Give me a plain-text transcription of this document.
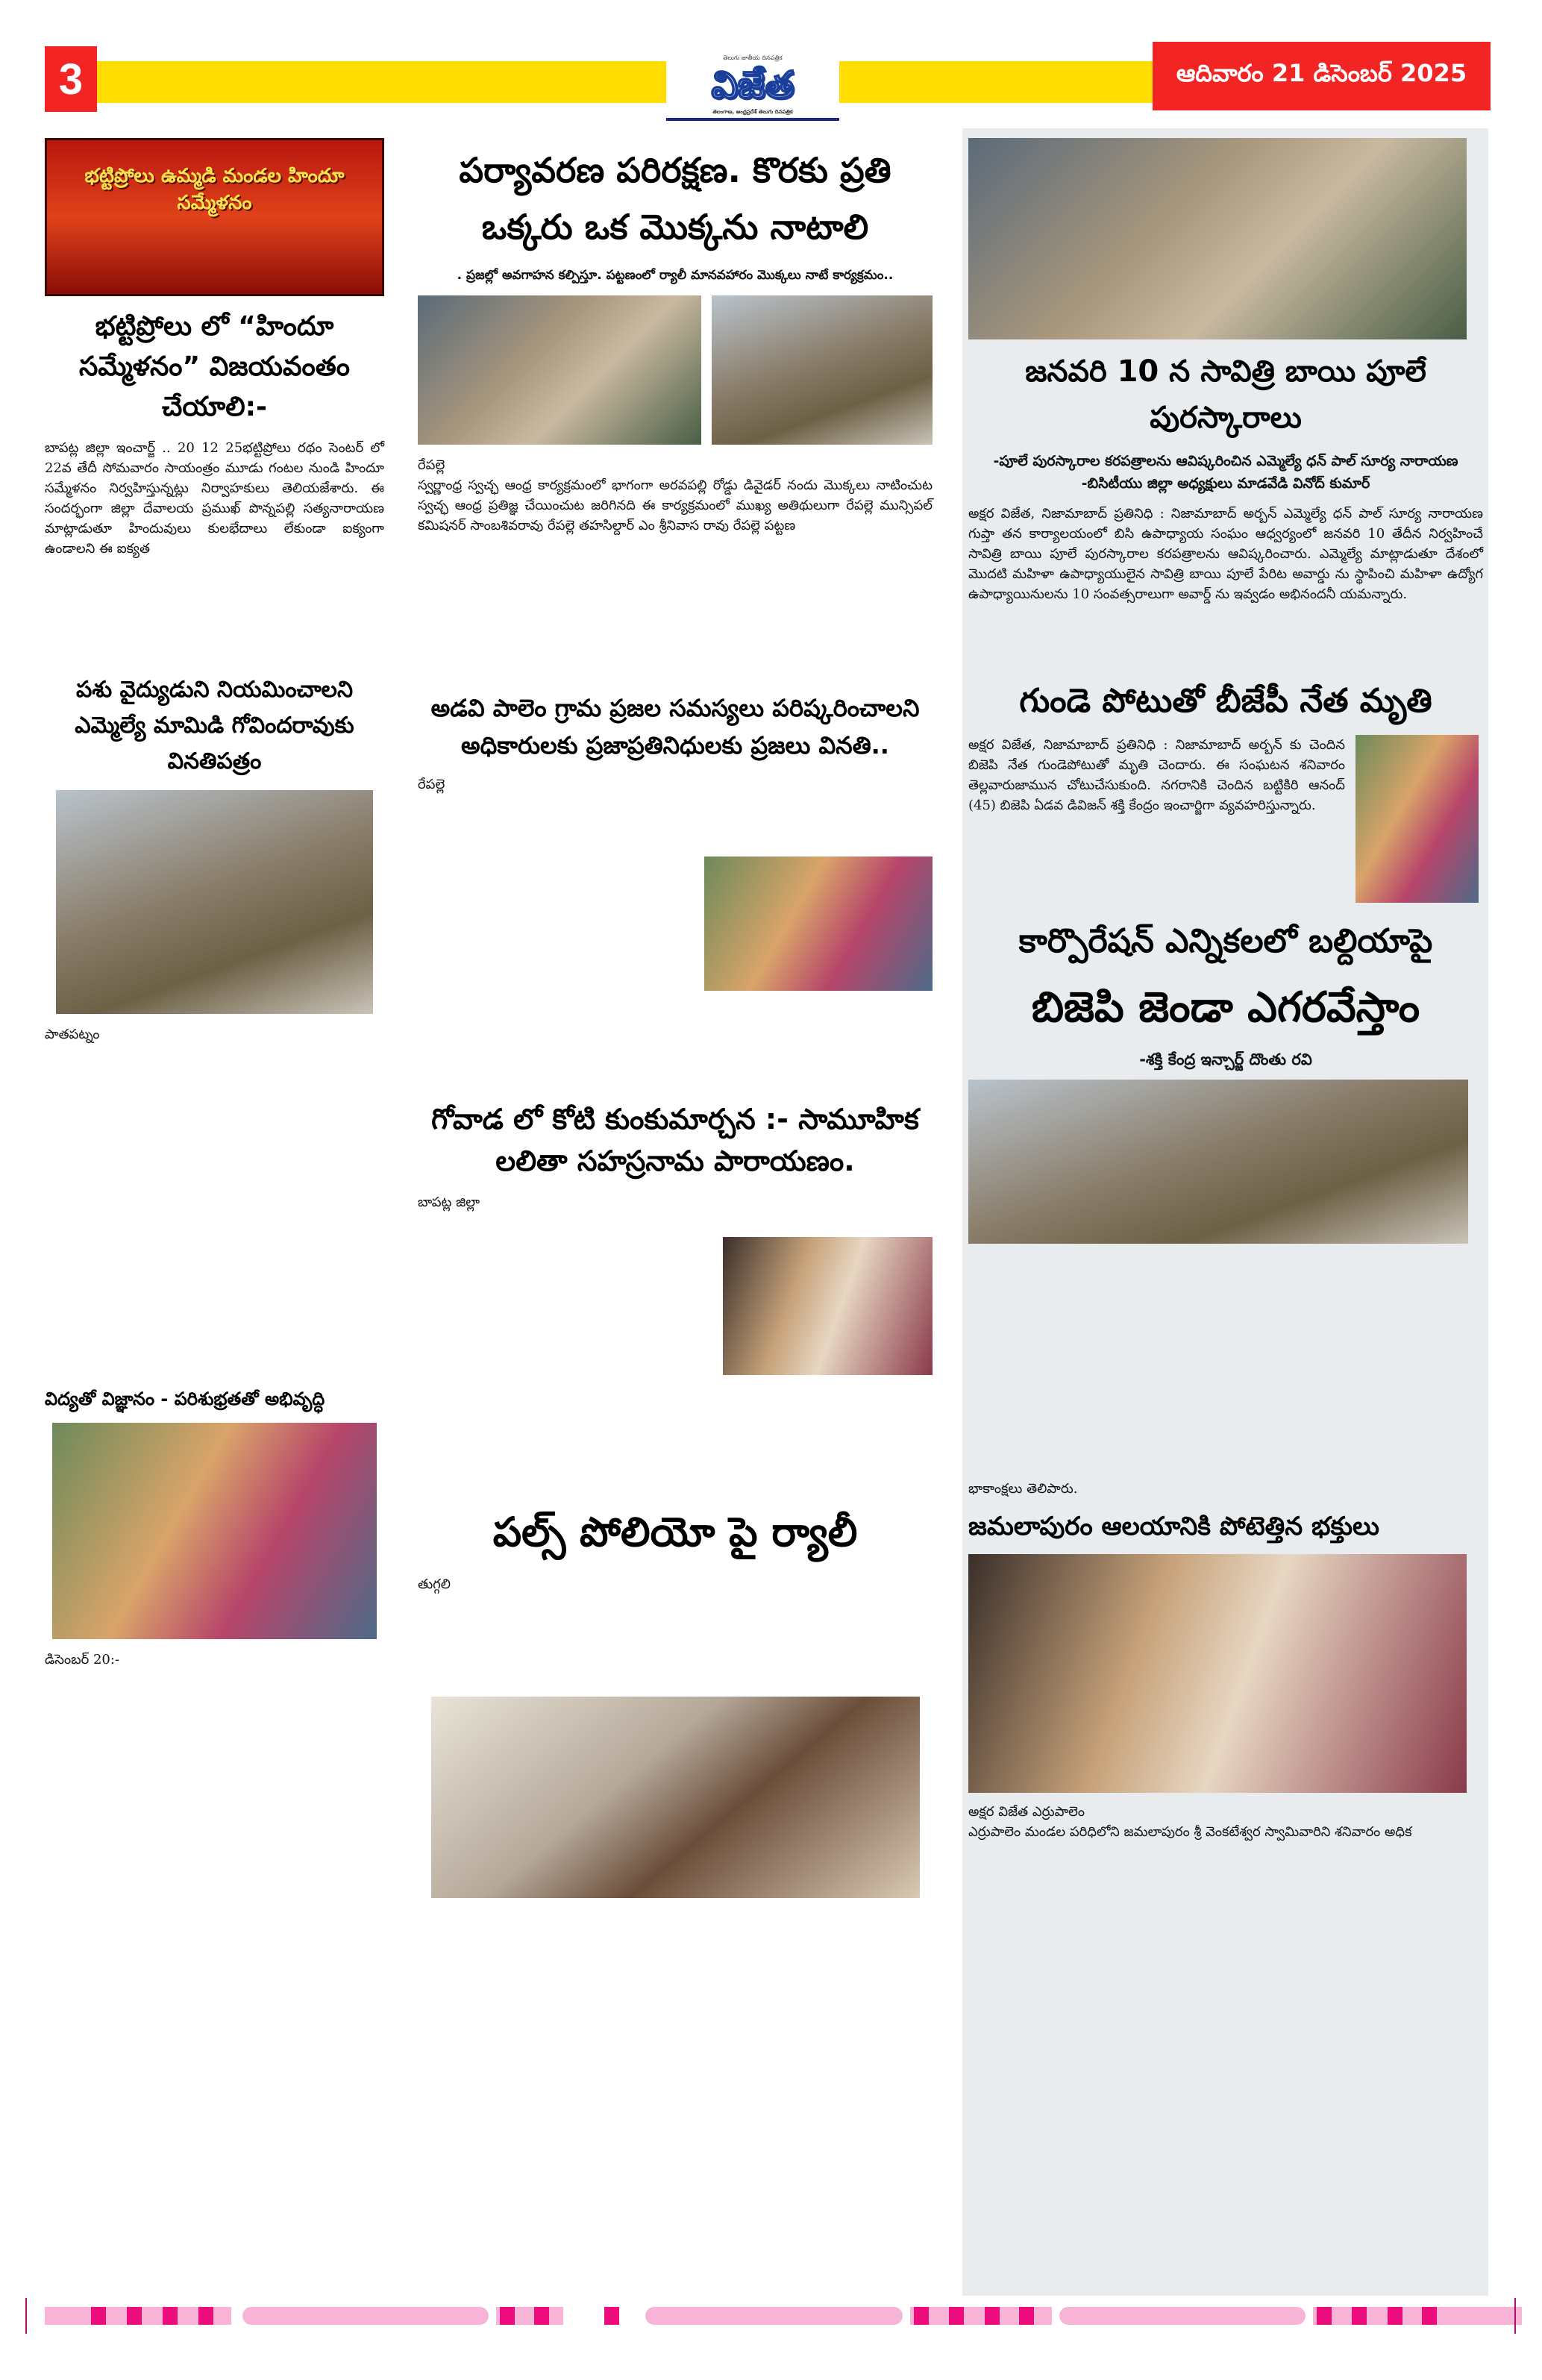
3	తెలుగు జాతీయ దినపత్రిక
విజేత
తెలంగాణ, ఆంధ్రప్రదేశ్ తెలుగు దినపత్రిక
ఆదివారం 21 డిసెంబర్ 2025
భట్టిప్రోలు ఉమ్మడి మండల హిందూ సమ్మేళనం
భట్టిప్రోలు లో “హిందూ సమ్మేళనం” విజయవంతం చేయాలి:-
బాపట్ల జిల్లా ఇంచార్జ్ .. 20 12 25భట్టిప్రోలు రథం సెంటర్ లో 22వ తేదీ సోమవారం సాయంత్రం మూడు గంటల నుండి హిందూ సమ్మేళనం నిర్వహిస్తున్నట్లు నిర్వాహకులు తెలియజేశారు. ఈ సందర్భంగా జిల్లా దేవాలయ ప్రముఖ్ పొన్నపల్లి సత్యనారాయణ మాట్లాడుతూ హిందువులు కులభేదాలు లేకుండా ఐక్యంగా ఉండాలని ఈ ఐక్యత
పశు వైద్యుడుని నియమించాలని ఎమ్మెల్యే మామిడి గోవిందరావుకు వినతిపత్రం
పాతపట్నం
విద్యతో విజ్ఞానం - పరిశుభ్రతతో అభివృద్ధి
డిసెంబర్ 20:-
పర్యావరణ పరిరక్షణ. కొరకు ప్రతి ఒక్కరు ఒక మొక్కను నాటాలి
. ప్రజల్లో అవగాహన కల్పిస్తూ. పట్టణంలో ర్యాలీ మానవహారం మొక్కలు నాటే కార్యక్రమం..
రేపల్లె
స్వర్ణాంధ్ర స్వచ్ఛ ఆంధ్ర కార్యక్రమంలో భాగంగా అరవపల్లి రోడ్డు డివైడర్ నందు మొక్కలు నాటించుట స్వచ్ఛ ఆంధ్ర ప్రతిజ్ఞ చేయించుట జరిగినది ఈ కార్యక్రమంలో ముఖ్య అతిథులుగా రేపల్లె మున్సిపల్ కమిషనర్ సాంబశివరావు రేపల్లె తహసిల్దార్ ఎం శ్రీనివాస రావు రేపల్లె పట్టణ
అడవి పాలెం గ్రామ ప్రజల సమస్యలు పరిష్కరించాలని అధికారులకు ప్రజాప్రతినిధులకు ప్రజలు వినతి..
రేపల్లె
గోవాడ లో కోటి కుంకుమార్చన :- సామూహిక లలితా సహస్రనామ పారాయణం.
బాపట్ల జిల్లా
పల్స్ పోలియో పై ర్యాలీ
తుగ్గలి
జనవరి 10 న సావిత్రి బాయి పూలే పురస్కారాలు
-పూలే పురస్కారాల కరపత్రాలను ఆవిష్కరించిన ఎమ్మెల్యే ధన్ పాల్ సూర్య నారాయణ
-బిసిటీయు జిల్లా అధ్యక్షులు మాడవేడి వినోద్ కుమార్
అక్షర విజేత, నిజామాబాద్ ప్రతినిధి : నిజామాబాద్ అర్బన్ ఎమ్మెల్యే ధన్ పాల్ సూర్య నారాయణ గుప్తా తన కార్యాలయంలో బిసి ఉపాధ్యాయ సంఘం ఆధ్వర్యంలో జనవరి 10 తేదీన నిర్వహించే సావిత్రి బాయి పూలే పురస్కారాల కరపత్రాలను ఆవిష్కరించారు. ఎమ్మెల్యే మాట్లాడుతూ దేశంలో మొదటి మహిళా ఉపాధ్యాయులైన సావిత్రి బాయి పూలే పేరిట అవార్డు ను స్థాపించి మహిళా ఉద్యోగ ఉపాధ్యాయినులను 10 సంవత్సరాలుగా అవార్డ్ ను ఇవ్వడం అభినందనీ యమన్నారు.
గుండె పోటుతో బీజేపీ నేత మృతి
అక్షర విజేత, నిజామాబాద్ ప్రతినిధి : నిజామాబాద్ అర్బన్ కు చెందిన బిజెపి నేత గుండెపోటుతో మృతి చెందారు. ఈ సంఘటన శనివారం తెల్లవారుజామున చోటుచేసుకుంది. నగరానికి చెందిన బట్టికిరి ఆనంద్ (45) బిజెపి ఏడవ డివిజన్ శక్తి కేంద్రం ఇంచార్జిగా వ్యవహరిస్తున్నారు.
కార్పొరేషన్ ఎన్నికలలో బల్దియాపై
బిజెపి జెండా ఎగరవేస్తాం
-శక్తి కేంద్ర ఇన్చార్జ్ దొంతు రవి
భాకాంక్షలు తెలిపారు.
జమలాపురం ఆలయానికి పోటెత్తిన భక్తులు
అక్షర విజేత ఎర్రుపాలెం
ఎర్రుపాలెం మండల పరిధిలోని జమలాపురం శ్రీ వెంకటేశ్వర స్వామివారిని శనివారం అధిక
